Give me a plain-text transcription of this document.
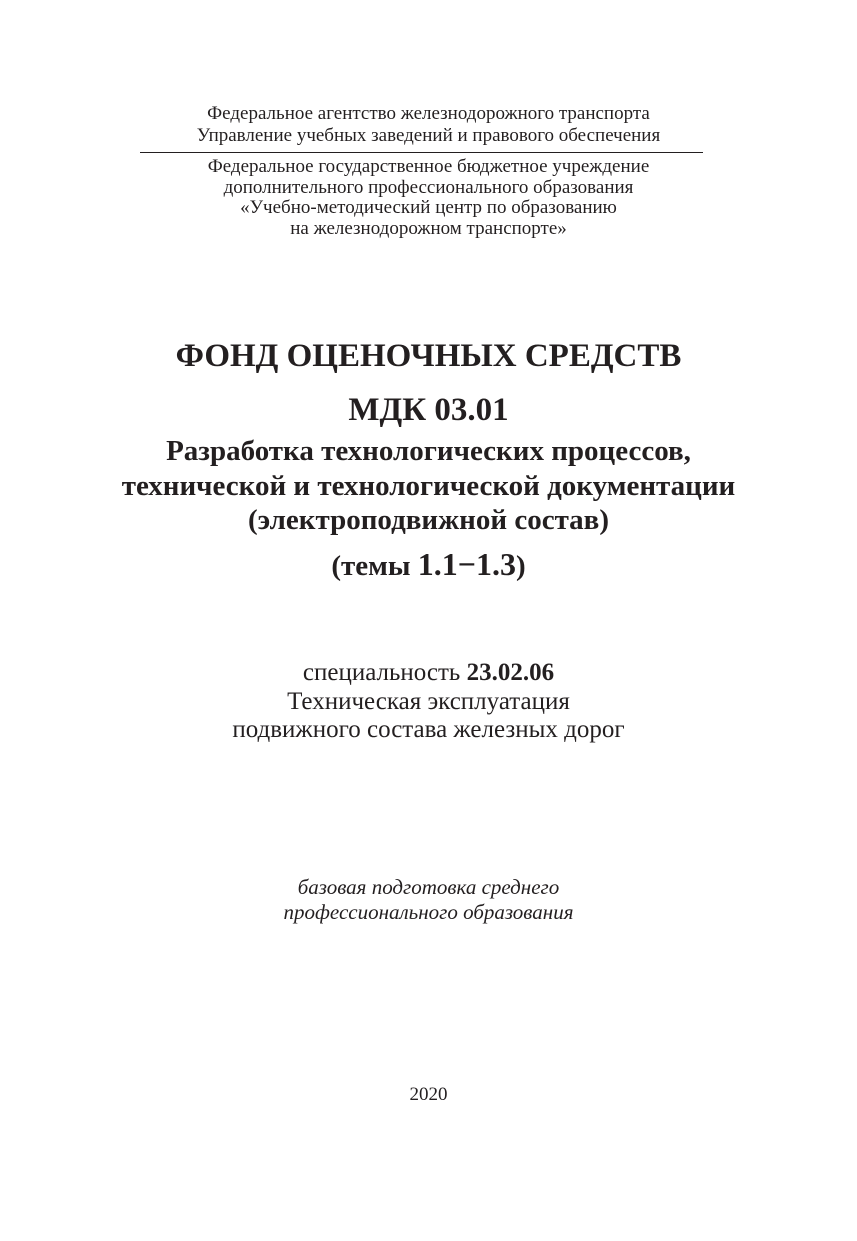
Федеральное агентство железнодорожного транспорта
Управление учебных заведений и правового обеспечения
Федеральное государственное бюджетное учреждение
дополнительного профессионального образования
«Учебно-методический центр по образованию
на железнодорожном транспорте»
ФОНД ОЦЕНОЧНЫХ СРЕДСТВ
МДК 03.01
Разработка технологических процессов,
технической и технологической документации
(электроподвижной состав)
(темы 1.1−1.3)
специальность 23.02.06
Техническая эксплуатация
подвижного состава железных дорог
базовая подготовка среднего
профессионального образования
2020
